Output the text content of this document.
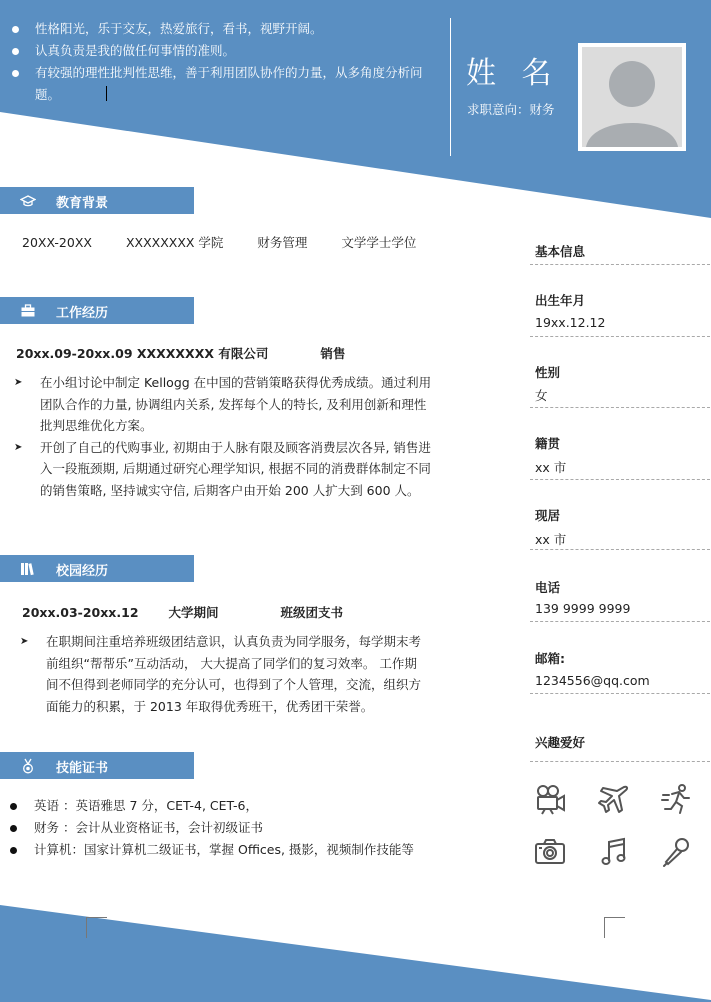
性格阳光，乐于交友，热爱旅行，看书，视野开阔。
认真负责是我的做任何事情的准则。
有较强的理性批判性思维，善于利用团队协作的力量，从多角度分析问题。
姓 名
求职意向：财务
教育背景
20XX-20XX	XXXXXXXX 学院	财务管理	文学学士学位
工作经历
20xx.09-20xx.09 XXXXXXXX 有限公司	销售
➤ 在小组讨论中制定 Kellogg 在中国的营销策略获得优秀成绩。通过利用团队合作的力量, 协调组内关系, 发挥每个人的特长, 及利用创新和理性批判思维优化方案。
➤ 开创了自己的代购事业, 初期由于人脉有限及顾客消费层次各异, 销售进入一段瓶颈期, 后期通过研究心理学知识, 根据不同的消费群体制定不同的销售策略, 坚持诚实守信, 后期客户由开始 200 人扩大到 600 人。
校园经历
20xx.03-20xx.12 大学期间	班级团支书
➤ 在职期间注重培养班级团结意识，认真负责为同学服务，每学期末考前组织“帮帮乐”互动活动， 大大提高了同学们的复习效率。 工作期间不但得到老师同学的充分认可，也得到了个人管理，交流，组织方面能力的积累，于 2013 年取得优秀班干，优秀团干荣誉。
技能证书
英语 ：英语雅思 7 分，CET-4, CET-6，
财务 ：会计从业资格证书，会计初级证书
计算机：国家计算机二级证书，掌握 Offices, 摄影，视频制作技能等
基本信息
出生年月
19xx.12.12
性别
女
籍贯
xx 市
现居
xx 市
电话
139 9999 9999
邮箱:
1234556@qq.com
兴趣爱好
